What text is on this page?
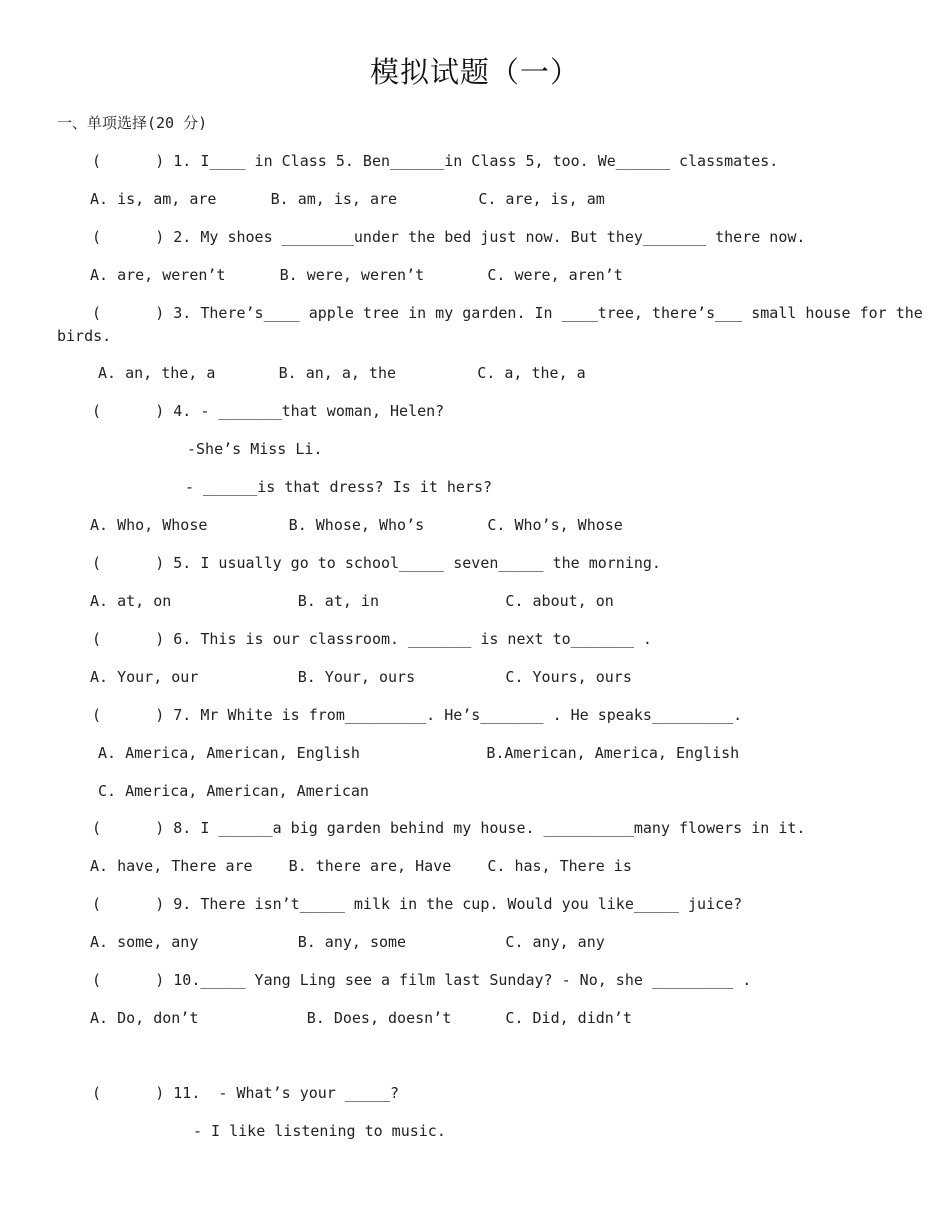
模拟试题（一）
一、单项选择(20 分)
(      ) 1. I____ in Class 5. Ben______in Class 5, too. We______ classmates.
A. is, am, are      B. am, is, are         C. are, is, am
(      ) 2. My shoes ________under the bed just now. But they_______ there now.
A. are, weren’t      B. were, weren’t       C. were, aren’t
(      ) 3. There’s____ apple tree in my garden. In ____tree, there’s___ small house for the
birds.
A. an, the, a       B. an, a, the         C. a, the, a
(      ) 4. - _______that woman, Helen?
-She’s Miss Li.
- ______is that dress? Is it hers?
A. Who, Whose         B. Whose, Who’s       C. Who’s, Whose
(      ) 5. I usually go to school_____ seven_____ the morning.
A. at, on              B. at, in              C. about, on
(      ) 6. This is our classroom. _______ is next to_______ .
A. Your, our           B. Your, ours          C. Yours, ours
(      ) 7. Mr White is from_________. He’s_______ . He speaks_________.
A. America, American, English              B.American, America, English
C. America, American, American
(      ) 8. I ______a big garden behind my house. __________many flowers in it.
A. have, There are    B. there are, Have    C. has, There is
(      ) 9. There isn’t_____ milk in the cup. Would you like_____ juice?
A. some, any           B. any, some           C. any, any
(      ) 10._____ Yang Ling see a film last Sunday? - No, she _________ .
A. Do, don’t            B. Does, doesn’t      C. Did, didn’t
(      ) 11.  - What’s your _____?
- I like listening to music.
